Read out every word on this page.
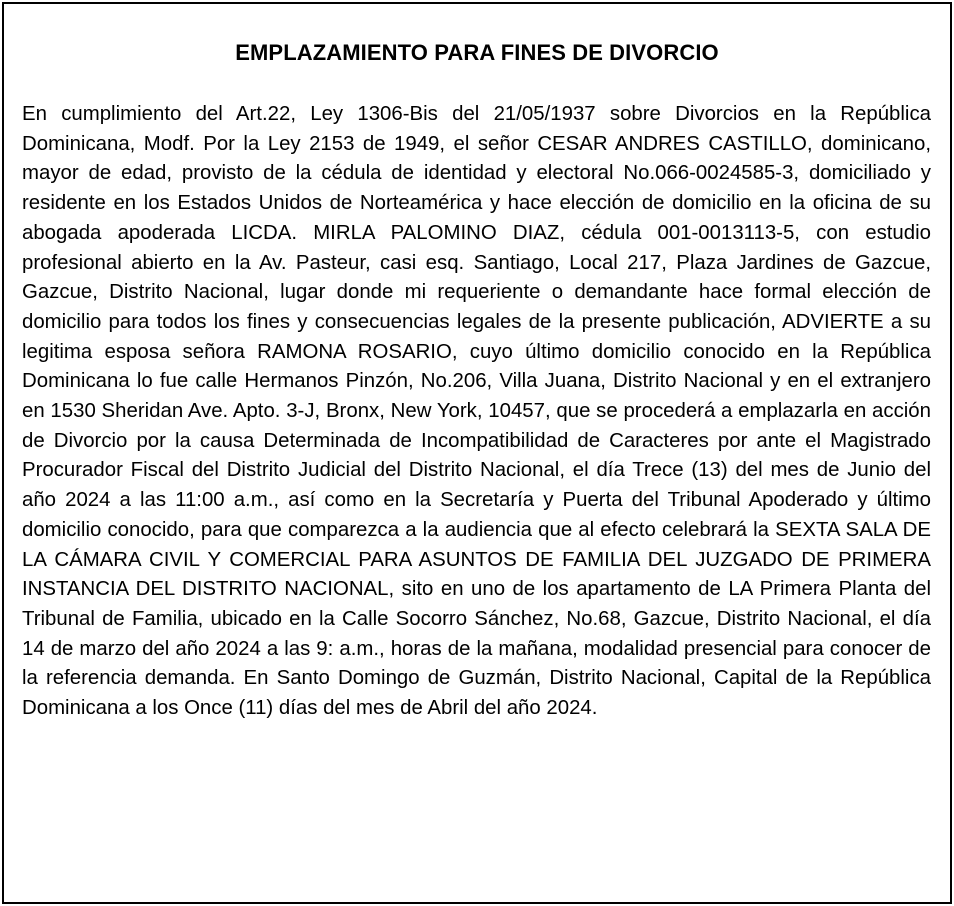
EMPLAZAMIENTO PARA FINES DE DIVORCIO

En cumplimiento del Art.22, Ley 1306-Bis del 21/05/1937 sobre Divorcios en la República Dominicana, Modf. Por la Ley 2153 de 1949, el señor CESAR ANDRES CASTILLO, dominicano, mayor de edad, provisto de la cédula de identidad y electoral No.066-0024585-3, domiciliado y residente en los Estados Unidos de Norteamérica y hace elección de domicilio en la oficina de su abogada apoderada LICDA. MIRLA PALOMINO DIAZ, cédula 001-0013113-5, con estudio profesional abierto en la Av. Pasteur, casi esq. Santiago, Local 217, Plaza Jardines de Gazcue, Gazcue, Distrito Nacional, lugar donde mi requeriente o demandante hace formal elección de domicilio para todos los fines y consecuencias legales de la presente publicación, ADVIERTE a su legitima esposa señora RAMONA ROSARIO, cuyo último domicilio conocido en la República Dominicana lo fue calle Hermanos Pinzón, No.206, Villa Juana, Distrito Nacional y en el extranjero en 1530 Sheridan Ave. Apto. 3-J, Bronx, New York, 10457, que se procederá a emplazarla en acción de Divorcio por la causa Determinada de Incompatibilidad de Caracteres por ante el Magistrado Procurador Fiscal del Distrito Judicial del Distrito Nacional, el día Trece (13) del mes de Junio del año 2024 a las 11:00 a.m., así como en la Secretaría y Puerta del Tribunal Apoderado y último domicilio conocido, para que comparezca a la audiencia que al efecto celebrará la SEXTA SALA DE LA CÁMARA CIVIL Y COMERCIAL PARA ASUNTOS DE FAMILIA DEL JUZGADO DE PRIMERA INSTANCIA DEL DISTRITO NACIONAL, sito en uno de los apartamento de LA Primera Planta del Tribunal de Familia, ubicado en la Calle Socorro Sánchez, No.68, Gazcue, Distrito Nacional, el día 14 de marzo del año 2024 a las 9: a.m., horas de la mañana, modalidad presencial para conocer de la referencia demanda. En Santo Domingo de Guzmán, Distrito Nacional, Capital de la República Dominicana a los Once (11) días del mes de Abril del año 2024.
